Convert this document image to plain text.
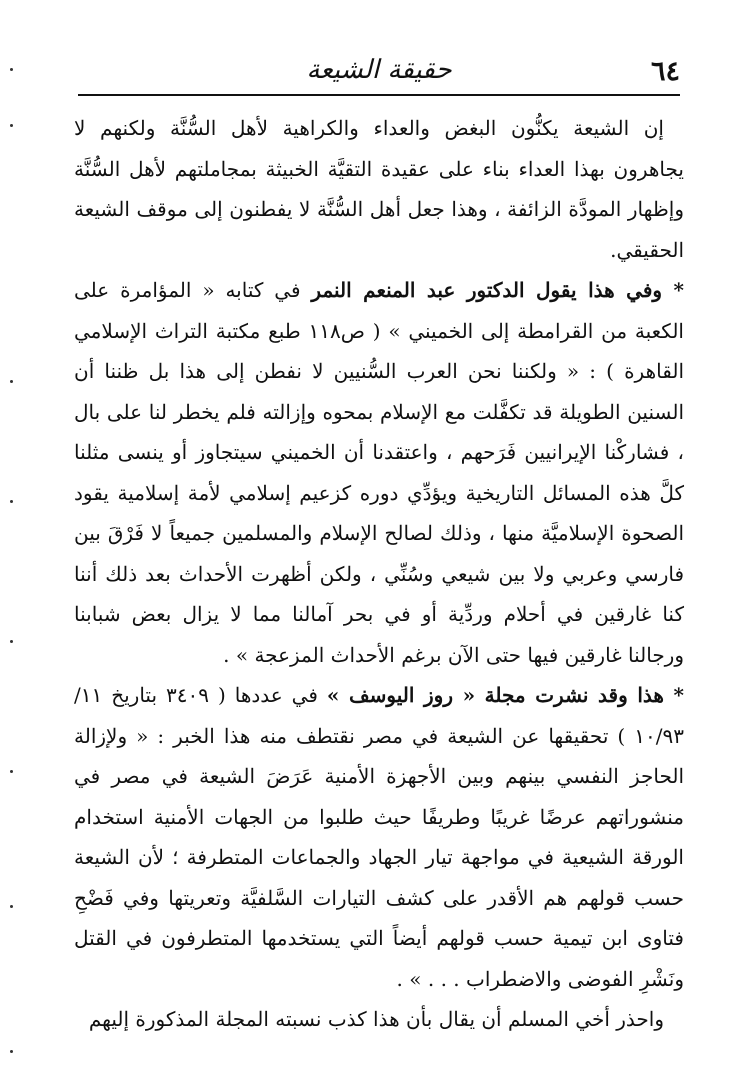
٦٤
حقيقة الشيعة

إن الشيعة يكنُّون البغض والعداء والكراهية لأهل السُّنَّة ولكنهم لا يجاهرون بهذا العداء بناء على عقيدة التقيَّة الخبيثة بمجاملتهم لأهل السُّنَّة وإظهار المودَّة الزائفة ، وهذا جعل أهل السُّنَّة لا يفطنون إلى موقف الشيعة الحقيقي.

* وفي هذا يقول الدكتور عبد المنعم النمر في كتابه « المؤامرة على الكعبة من القرامطة إلى الخميني » ( ص١١٨ طبع مكتبة التراث الإسلامي القاهرة ) : « ولكننا نحن العرب السُّنيين لا نفطن إلى هذا بل ظننا أن السنين الطويلة قد تكفَّلت مع الإسلام بمحوه وإزالته فلم يخطر لنا على بال ، فشاركْنا الإيرانيين فَرَحهم ، واعتقدنا أن الخميني سيتجاوز أو ينسى مثلنا كلَّ هذه المسائل التاريخية ويؤدِّي دوره كزعيم إسلامي لأمة إسلامية يقود الصحوة الإسلاميَّة منها ، وذلك لصالح الإسلام والمسلمين جميعاً لا فَرْقَ بين فارسي وعربي ولا بين شيعي وسُنِّي ، ولكن أظهرت الأحداث بعد ذلك أننا كنا غارقين في أحلام وردِّية أو في بحر آمالنا مما لا يزال بعض شبابنا ورجالنا غارقين فيها حتى الآن برغم الأحداث المزعجة » .

* هذا وقد نشرت مجلة « روز اليوسف » في عددها ( ٣٤٠٩ بتاريخ ١١/ ١٠/٩٣ ) تحقيقها عن الشيعة في مصر نقتطف منه هذا الخبر : « ولإزالة الحاجز النفسي بينهم وبين الأجهزة الأمنية عَرَضَ الشيعة في مصر في منشوراتهم عرضًا غريبًا وطريفًا حيث طلبوا من الجهات الأمنية استخدام الورقة الشيعية في مواجهة تيار الجهاد والجماعات المتطرفة ؛ لأن الشيعة حسب قولهم هم الأقدر على كشف التيارات السَّلفيَّة وتعريتها وفي فَضْحِ فتاوى ابن تيمية حسب قولهم أيضاً التي يستخدمها المتطرفون في القتل ونَشْرِ الفوضى والاضطراب . . . » .

واحذر أخي المسلم أن يقال بأن هذا كذب نسبته المجلة المذكورة إليهم
